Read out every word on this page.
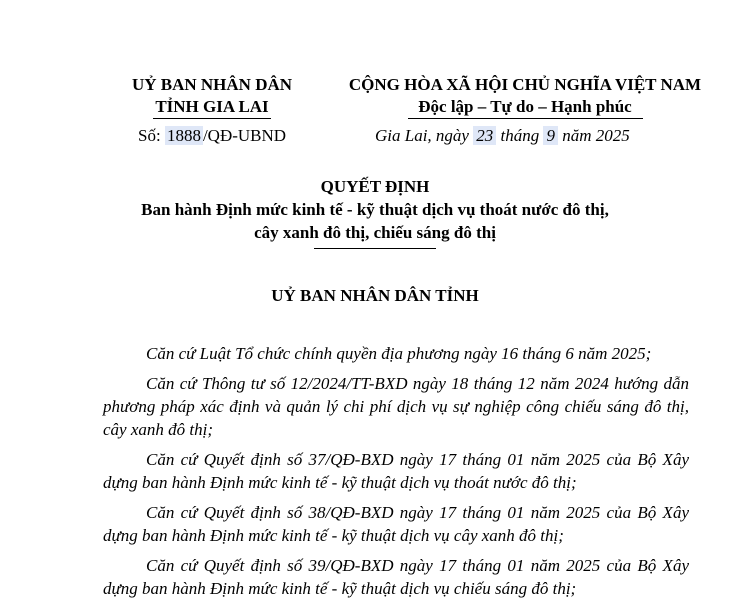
UỶ BAN NHÂN DÂN
TỈNH GIA LAI
CỘNG HÒA XÃ HỘI CHỦ NGHĨA VIỆT NAM
Độc lập – Tự do – Hạnh phúc
Số: 1888 /QĐ-UBND	Gia Lai, ngày 23 tháng 9 năm 2025
QUYẾT ĐỊNH
Ban hành Định mức kinh tế - kỹ thuật dịch vụ thoát nước đô thị,
cây xanh đô thị, chiếu sáng đô thị
UỶ BAN NHÂN DÂN TỈNH

Căn cứ Luật Tổ chức chính quyền địa phương ngày 16 tháng 6 năm 2025;

Căn cứ Thông tư số 12/2024/TT-BXD ngày 18 tháng 12 năm 2024 hướng dẫn phương pháp xác định và quản lý chi phí dịch vụ sự nghiệp công chiếu sáng đô thị, cây xanh đô thị;

Căn cứ Quyết định số 37/QĐ-BXD ngày 17 tháng 01 năm 2025 của Bộ Xây dựng ban hành Định mức kinh tế - kỹ thuật dịch vụ thoát nước đô thị;

Căn cứ Quyết định số 38/QĐ-BXD ngày 17 tháng 01 năm 2025 của Bộ Xây dựng ban hành Định mức kinh tế - kỹ thuật dịch vụ cây xanh đô thị;

Căn cứ Quyết định số 39/QĐ-BXD ngày 17 tháng 01 năm 2025 của Bộ Xây dựng ban hành Định mức kinh tế - kỹ thuật dịch vụ chiếu sáng đô thị;
